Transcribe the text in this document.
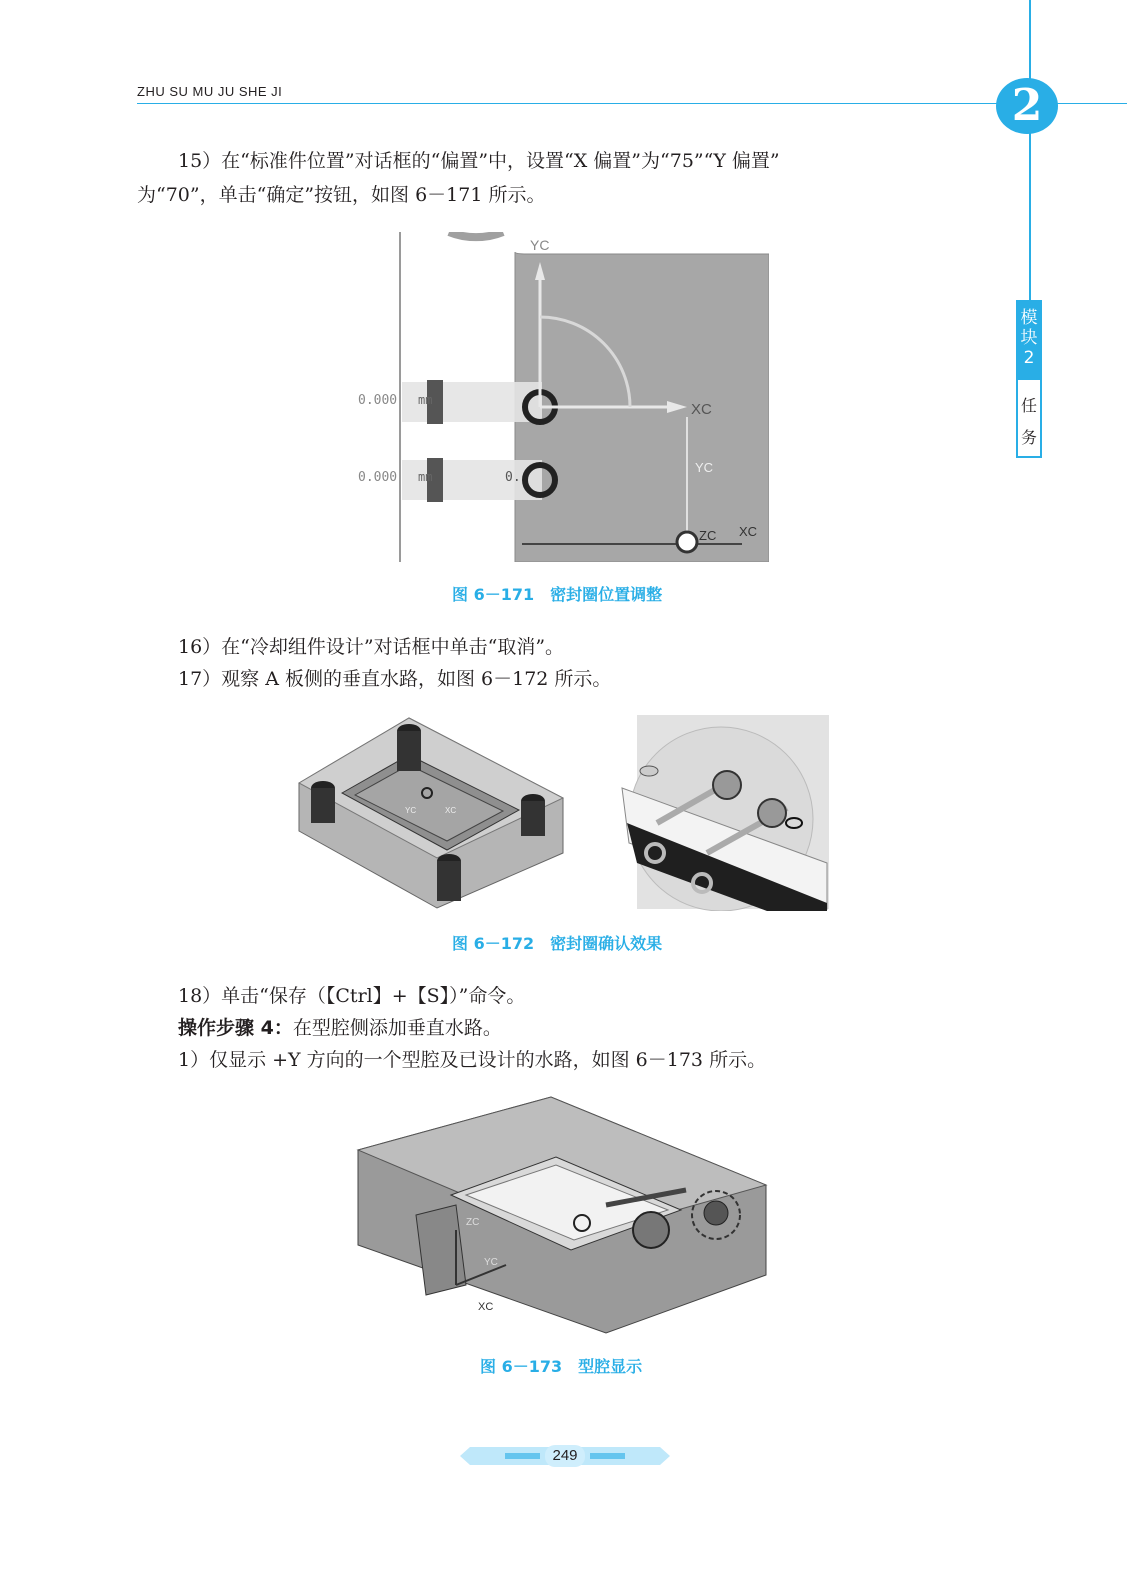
ZHU SU MU JU SHE JI	2
模
块
2
任
务
15）在“标准件位置”对话框的“偏置”中，设置“X 偏置”为“75”“Y 偏置”
为“70”，单击“确定”按钮，如图 6－171 所示。
YC
XC
YC
ZC XC
0.000 mm
0.000 mm	0.
图 6－171　密封圈位置调整
16）在“冷却组件设计”对话框中单击“取消”。
17）观察 A 板侧的垂直水路，如图 6－172 所示。
YC	XC
图 6－172　密封圈确认效果
18）单击“保存（【Ctrl】+【S】）”命令。
操作步骤 4：在型腔侧添加垂直水路。
1）仅显示 +Y 方向的一个型腔及已设计的水路，如图 6－173 所示。
ZC
YC
XC
图 6－173　型腔显示
249
